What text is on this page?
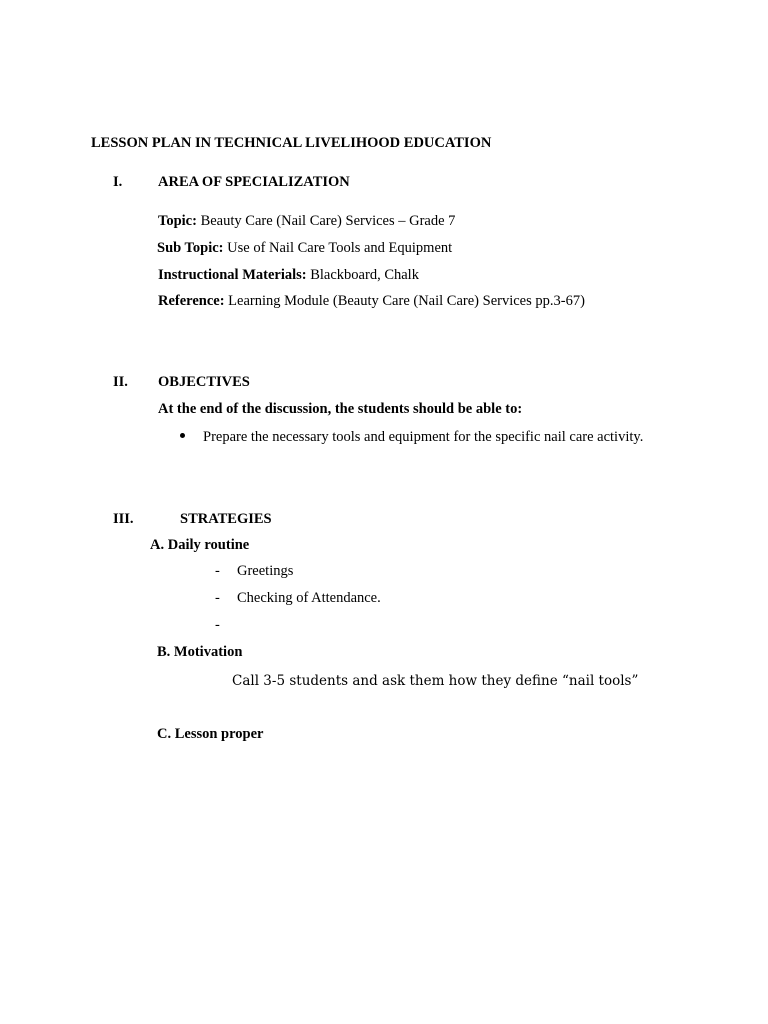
LESSON PLAN IN TECHNICAL LIVELIHOOD EDUCATION
I. AREA OF SPECIALIZATION
Topic: Beauty Care (Nail Care) Services – Grade 7
Sub Topic: Use of Nail Care Tools and Equipment
Instructional Materials: Blackboard, Chalk
Reference: Learning Module (Beauty Care (Nail Care) Services pp.3-67)
II. OBJECTIVES
At the end of the discussion, the students should be able to:
Prepare the necessary tools and equipment for the specific nail care activity.
III.	STRATEGIES
A. Daily routine
- Greetings
- Checking of Attendance.
-
B. Motivation
Call 3-5 students and ask them how they define “nail tools”
C. Lesson proper
